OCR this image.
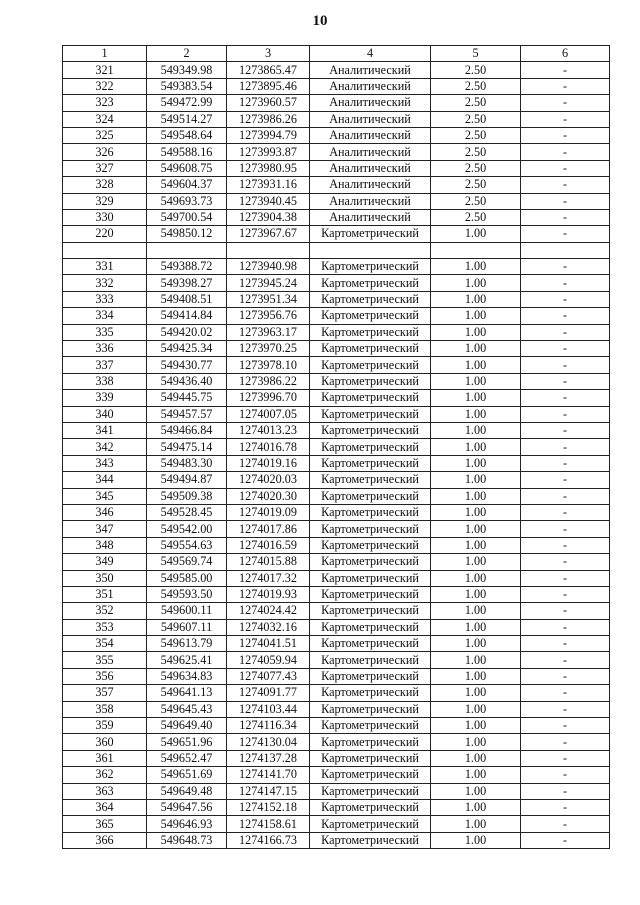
10
1	2	3	4	5	6
321	549349.98	1273865.47	Аналитический	2.50	-
322	549383.54	1273895.46	Аналитический	2.50	-
323	549472.99	1273960.57	Аналитический	2.50	-
324	549514.27	1273986.26	Аналитический	2.50	-
325	549548.64	1273994.79	Аналитический	2.50	-
326	549588.16	1273993.87	Аналитический	2.50	-
327	549608.75	1273980.95	Аналитический	2.50	-
328	549604.37	1273931.16	Аналитический	2.50	-
329	549693.73	1273940.45	Аналитический	2.50	-
330	549700.54	1273904.38	Аналитический	2.50	-
220	549850.12	1273967.67	Картометрический	1.00	-

331	549388.72	1273940.98	Картометрический	1.00	-
332	549398.27	1273945.24	Картометрический	1.00	-
333	549408.51	1273951.34	Картометрический	1.00	-
334	549414.84	1273956.76	Картометрический	1.00	-
335	549420.02	1273963.17	Картометрический	1.00	-
336	549425.34	1273970.25	Картометрический	1.00	-
337	549430.77	1273978.10	Картометрический	1.00	-
338	549436.40	1273986.22	Картометрический	1.00	-
339	549445.75	1273996.70	Картометрический	1.00	-
340	549457.57	1274007.05	Картометрический	1.00	-
341	549466.84	1274013.23	Картометрический	1.00	-
342	549475.14	1274016.78	Картометрический	1.00	-
343	549483.30	1274019.16	Картометрический	1.00	-
344	549494.87	1274020.03	Картометрический	1.00	-
345	549509.38	1274020.30	Картометрический	1.00	-
346	549528.45	1274019.09	Картометрический	1.00	-
347	549542.00	1274017.86	Картометрический	1.00	-
348	549554.63	1274016.59	Картометрический	1.00	-
349	549569.74	1274015.88	Картометрический	1.00	-
350	549585.00	1274017.32	Картометрический	1.00	-
351	549593.50	1274019.93	Картометрический	1.00	-
352	549600.11	1274024.42	Картометрический	1.00	-
353	549607.11	1274032.16	Картометрический	1.00	-
354	549613.79	1274041.51	Картометрический	1.00	-
355	549625.41	1274059.94	Картометрический	1.00	-
356	549634.83	1274077.43	Картометрический	1.00	-
357	549641.13	1274091.77	Картометрический	1.00	-
358	549645.43	1274103.44	Картометрический	1.00	-
359	549649.40	1274116.34	Картометрический	1.00	-
360	549651.96	1274130.04	Картометрический	1.00	-
361	549652.47	1274137.28	Картометрический	1.00	-
362	549651.69	1274141.70	Картометрический	1.00	-
363	549649.48	1274147.15	Картометрический	1.00	-
364	549647.56	1274152.18	Картометрический	1.00	-
365	549646.93	1274158.61	Картометрический	1.00	-
366	549648.73	1274166.73	Картометрический	1.00	-
